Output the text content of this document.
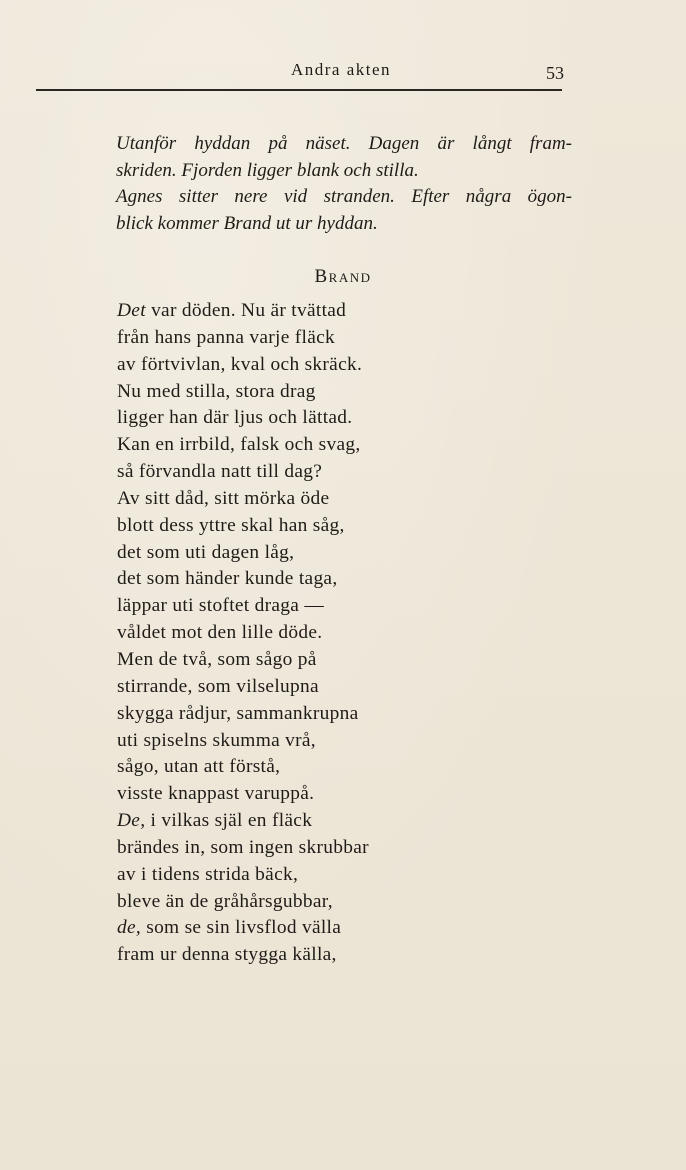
Andra akten	53
Utanför hyddan på näset. Dagen är långt fram-
skriden. Fjorden ligger blank och stilla.
Agnes sitter nere vid stranden. Efter några ögon-
blick kommer Brand ut ur hyddan.
Brand
Det var döden. Nu är tvättad
från hans panna varje fläck
av förtvivlan, kval och skräck.
Nu med stilla, stora drag
ligger han där ljus och lättad.
Kan en irrbild, falsk och svag,
så förvandla natt till dag?
Av sitt dåd, sitt mörka öde
blott dess yttre skal han såg,
det som uti dagen låg,
det som händer kunde taga,
läppar uti stoftet draga —
våldet mot den lille döde.
Men de två, som sågo på
stirrande, som vilselupna
skygga rådjur, sammankrupna
uti spiselns skumma vrå,
sågo, utan att förstå,
visste knappast varuppå.
De, i vilkas själ en fläck
brändes in, som ingen skrubbar
av i tidens strida bäck,
bleve än de gråhårsgubbar,
de, som se sin livsflod välla
fram ur denna stygga källa,
